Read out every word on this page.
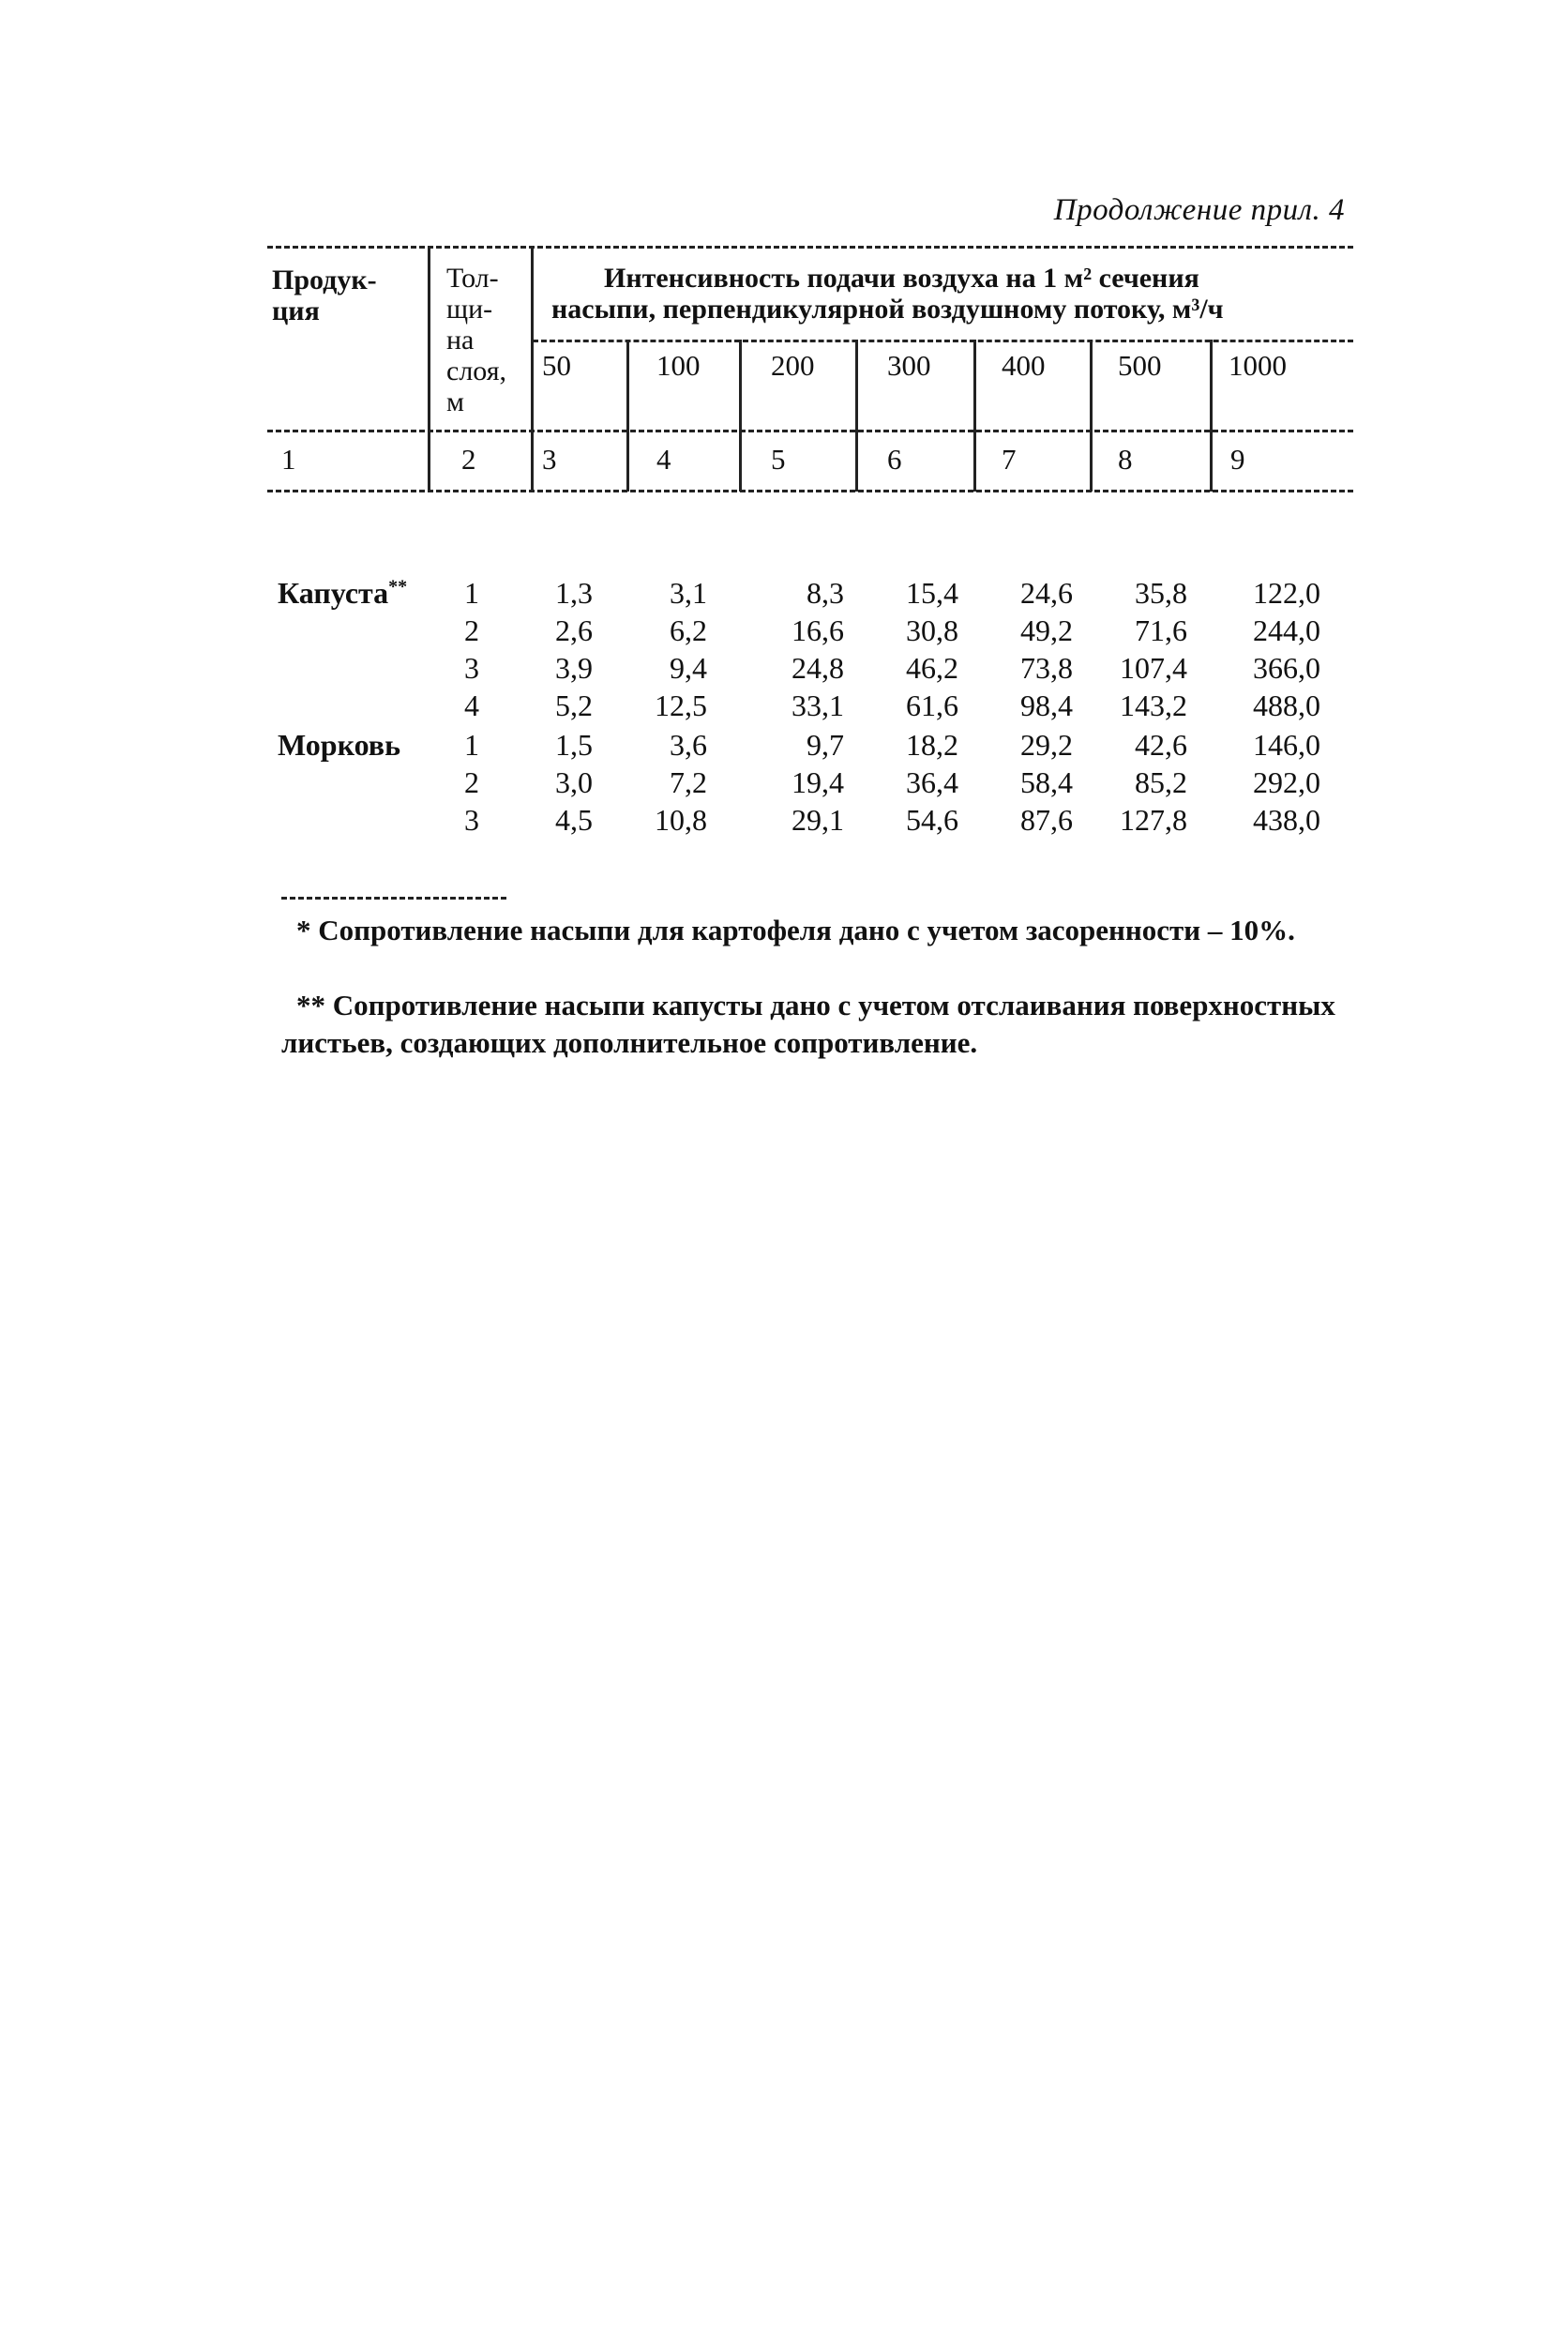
Продолжение прил. 4
Продук-
ция
Тол-
щи-
на
слоя,
м
Интенсивность подачи воздуха на 1 м² сечения
насыпи, перпендикулярной воздушному потоку, м³/ч
50	100 200	300 400	500 1000
1	2 3	4	5	6	7	8	9
Капуста** 1	1,3	3,1	8,3 15,4 24,6 35,8 122,0
2	2,6	6,2	16,6 30,8 49,2 71,6 244,0
3	3,9	9,4	24,8 46,2 73,8 107,4 366,0
4	5,2 12,5	33,1 61,6 98,4 143,2 488,0
Морковь 1	1,5	3,6	9,7 18,2 29,2 42,6 146,0
2	3,0	7,2	19,4 36,4 58,4 85,2 292,0
3	4,5 10,8	29,1 54,6 87,6 127,8 438,0
* Сопротивление насыпи для картофеля дано с учетом засоренности – 10%.
** Сопротивление насыпи капусты дано с учетом отслаивания поверхностных листьев, создающих дополнительное сопротивление.
